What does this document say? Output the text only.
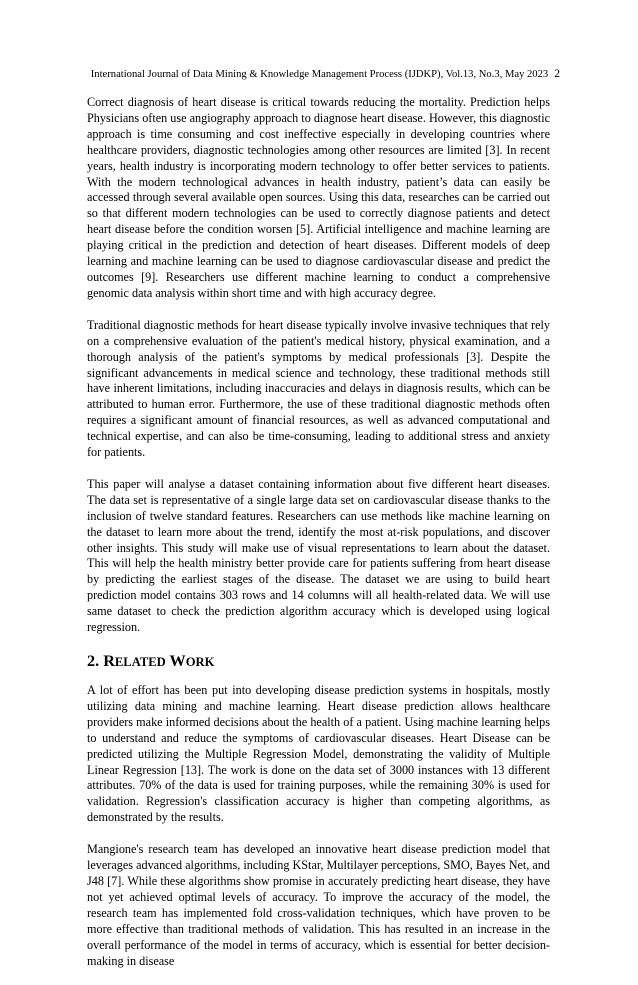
International Journal of Data Mining & Knowledge Management Process (IJDKP), Vol.13, No.3, May 2023 2

Correct diagnosis of heart disease is critical towards reducing the mortality. Prediction helps Physicians often use angiography approach to diagnose heart disease. However, this diagnostic approach is time consuming and cost ineffective especially in developing countries where healthcare providers, diagnostic technologies among other resources are limited [3]. In recent years, health industry is incorporating modern technology to offer better services to patients. With the modern technological advances in health industry, patient’s data can easily be accessed through several available open sources. Using this data, researches can be carried out so that different modern technologies can be used to correctly diagnose patients and detect heart disease before the condition worsen [5]. Artificial intelligence and machine learning are playing critical in the prediction and detection of heart diseases. Different models of deep learning and machine learning can be used to diagnose cardiovascular disease and predict the outcomes [9]. Researchers use different machine learning to conduct a comprehensive genomic data analysis within short time and with high accuracy degree.

Traditional diagnostic methods for heart disease typically involve invasive techniques that rely on a comprehensive evaluation of the patient's medical history, physical examination, and a thorough analysis of the patient's symptoms by medical professionals [3]. Despite the significant advancements in medical science and technology, these traditional methods still have inherent limitations, including inaccuracies and delays in diagnosis results, which can be attributed to human error. Furthermore, the use of these traditional diagnostic methods often requires a significant amount of financial resources, as well as advanced computational and technical expertise, and can also be time-consuming, leading to additional stress and anxiety for patients.

This paper will analyse a dataset containing information about five different heart diseases. The data set is representative of a single large data set on cardiovascular disease thanks to the inclusion of twelve standard features. Researchers can use methods like machine learning on the dataset to learn more about the trend, identify the most at-risk populations, and discover other insights. This study will make use of visual representations to learn about the dataset. This will help the health ministry better provide care for patients suffering from heart disease by predicting the earliest stages of the disease. The dataset we are using to build heart prediction model contains 303 rows and 14 columns will all health-related data. We will use same dataset to check the prediction algorithm accuracy which is developed using logical regression.

2. RELATED WORK

A lot of effort has been put into developing disease prediction systems in hospitals, mostly utilizing data mining and machine learning. Heart disease prediction allows healthcare providers make informed decisions about the health of a patient. Using machine learning helps to understand and reduce the symptoms of cardiovascular diseases. Heart Disease can be predicted utilizing the Multiple Regression Model, demonstrating the validity of Multiple Linear Regression [13]. The work is done on the data set of 3000 instances with 13 different attributes. 70% of the data is used for training purposes, while the remaining 30% is used for validation. Regression's classification accuracy is higher than competing algorithms, as demonstrated by the results.

Mangione's research team has developed an innovative heart disease prediction model that leverages advanced algorithms, including KStar, Multilayer perceptions, SMO, Bayes Net, and J48 [7]. While these algorithms show promise in accurately predicting heart disease, they have not yet achieved optimal levels of accuracy. To improve the accuracy of the model, the research team has implemented fold cross-validation techniques, which have proven to be more effective than traditional methods of validation. This has resulted in an increase in the overall performance of the model in terms of accuracy, which is essential for better decision-making in disease
